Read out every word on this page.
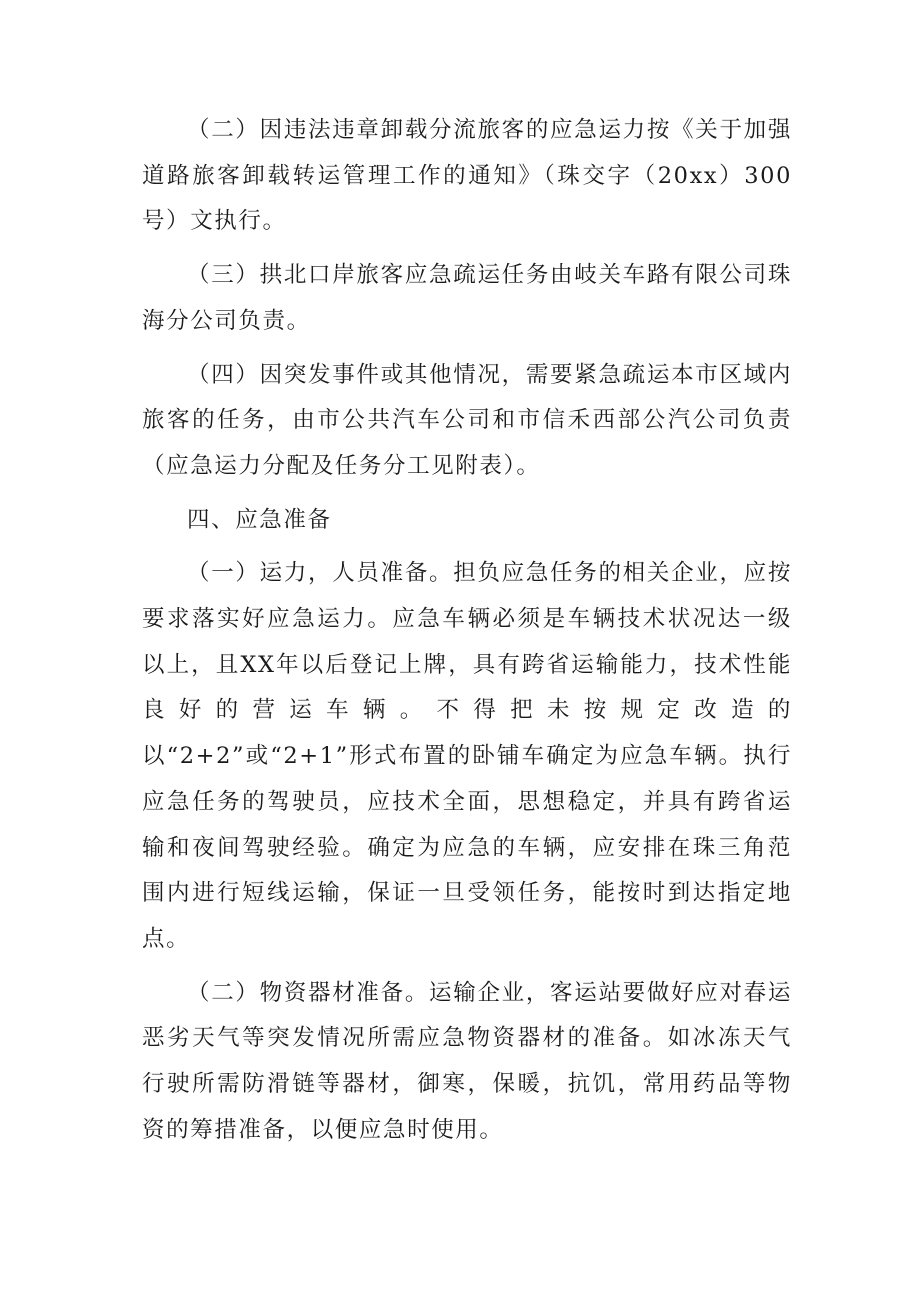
（二）因违法违章卸载分流旅客的应急运力按《关于加强道路旅客卸载转运管理工作的通知》（珠交字（20xx）300号）文执行。

（三）拱北口岸旅客应急疏运任务由岐关车路有限公司珠海分公司负责。

（四）因突发事件或其他情况，需要紧急疏运本市区域内旅客的任务，由市公共汽车公司和市信禾西部公汽公司负责（应急运力分配及任务分工见附表）。

四、应急准备

（一）运力，人员准备。担负应急任务的相关企业，应按要求落实好应急运力。应急车辆必须是车辆技术状况达一级以上，且XX年以后登记上牌，具有跨省运输能力，技术性能良好的营运车辆。不得把未按规定改造的以“2+2”或“2+1”形式布置的卧铺车确定为应急车辆。执行应急任务的驾驶员，应技术全面，思想稳定，并具有跨省运输和夜间驾驶经验。确定为应急的车辆，应安排在珠三角范围内进行短线运输，保证一旦受领任务，能按时到达指定地点。

（二）物资器材准备。运输企业，客运站要做好应对春运恶劣天气等突发情况所需应急物资器材的准备。如冰冻天气行驶所需防滑链等器材，御寒，保暖，抗饥，常用药品等物资的筹措准备，以便应急时使用。
